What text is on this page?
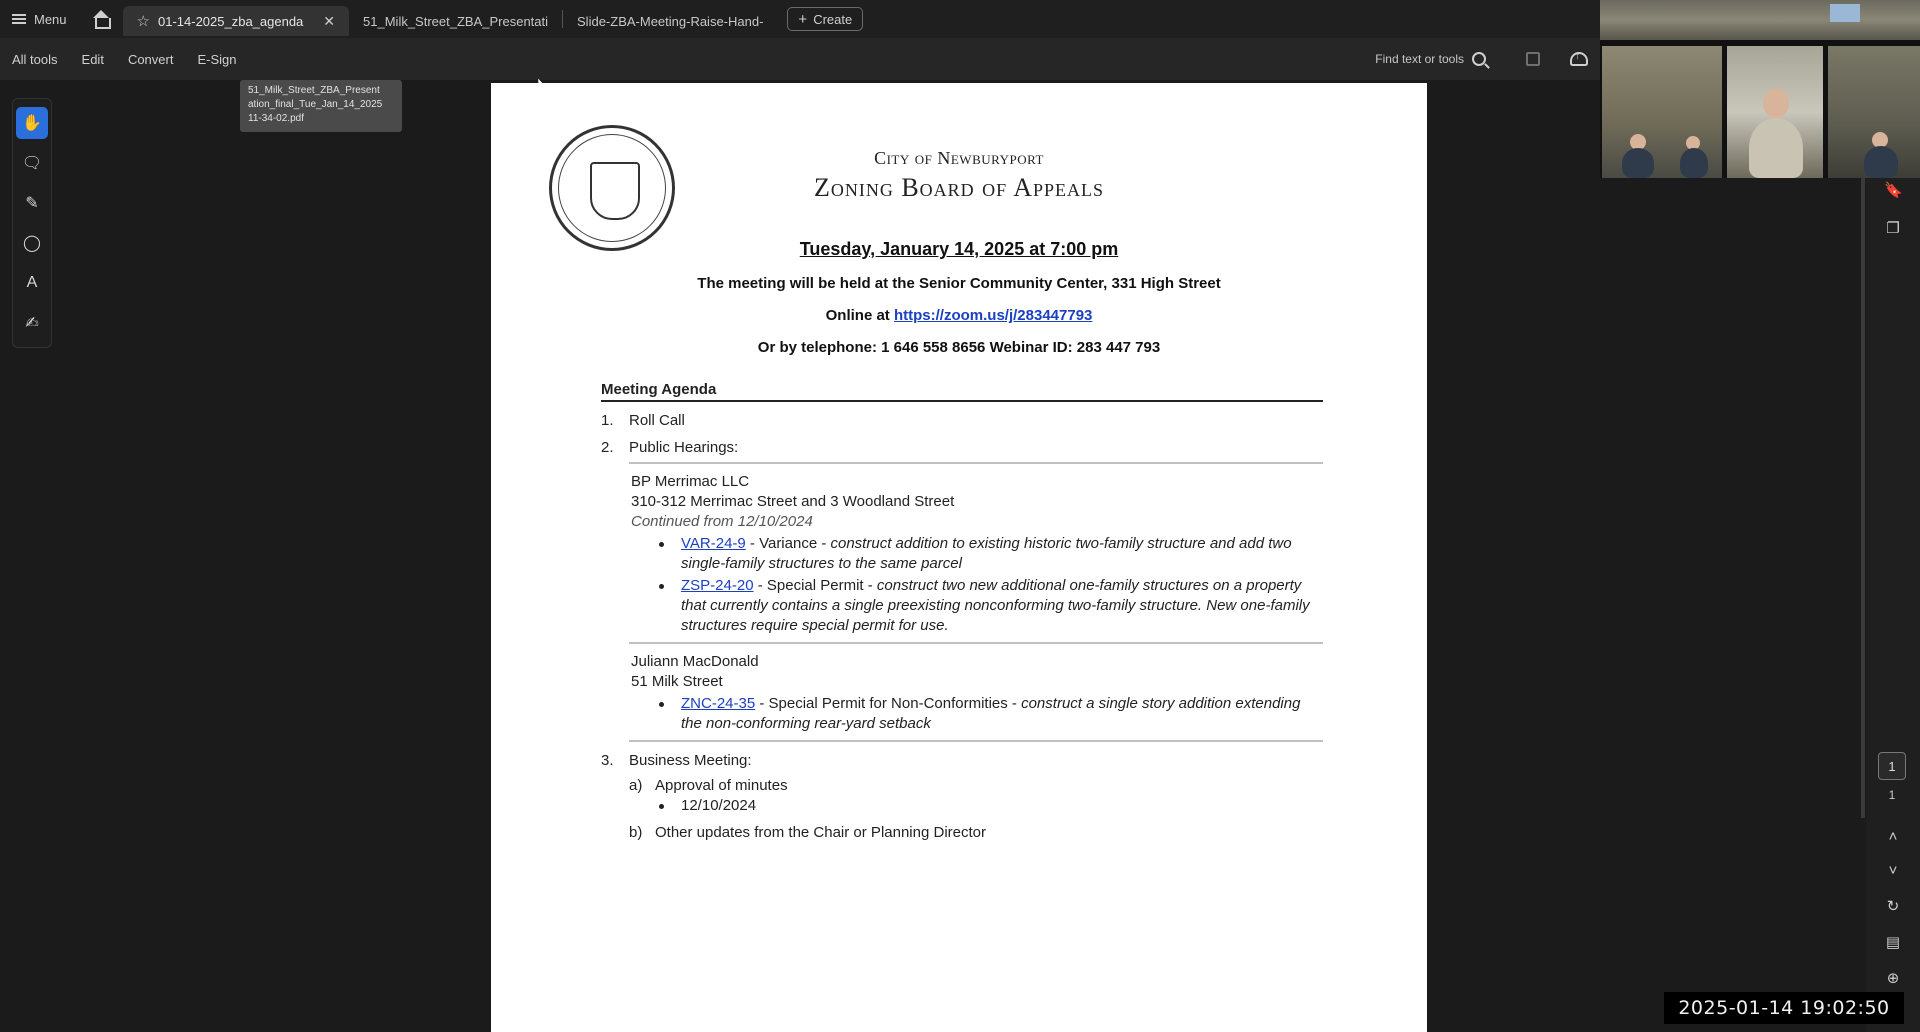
Menu	☆ 01-14-2025_zba_agenda ✕ 51_Milk_Street_ZBA_Presentati Slide-ZBA-Meeting-Raise-Hand- + Create
All tools	Edit	Convert	E-Sign
51_Milk_Street_ZBA_Present
ation_final_Tue_Jan_14_2025
11-34-02.pdf
Find text or tools
↑
✋
🗨
✎
◯
A
✍
City of Newburyport
Zoning Board of Appeals
Tuesday, January 14, 2025 at 7:00 pm
The meeting will be held at the Senior Community Center, 331 High Street
Online at https://zoom.us/j/283447793
Or by telephone: 1 646 558 8656 Webinar ID: 283 447 793
Meeting Agenda
1.	Roll Call
2.	Public Hearings:
BP Merrimac LLC
310-312 Merrimac Street and 3 Woodland Street
Continued from 12/10/2024
VAR-24-9 - Variance - construct addition to existing historic two-family structure and add two single-family structures to the same parcel
ZSP-24-20 - Special Permit - construct two new additional one-family structures on a property that currently contains a single preexisting nonconforming two-family structure. New one-family structures require special permit for use.
Juliann MacDonald
51 Milk Street
ZNC-24-35 - Special Permit for Non-Conformities - construct a single story addition extending the non-conforming rear-yard setback
3.	Business Meeting:
a) Approval of minutes
12/10/2024
b) Other updates from the Chair or Planning Director
🔖
❐
1
1
˄
˅
↻
▤
⊕
2025-01-14 19:02:50
